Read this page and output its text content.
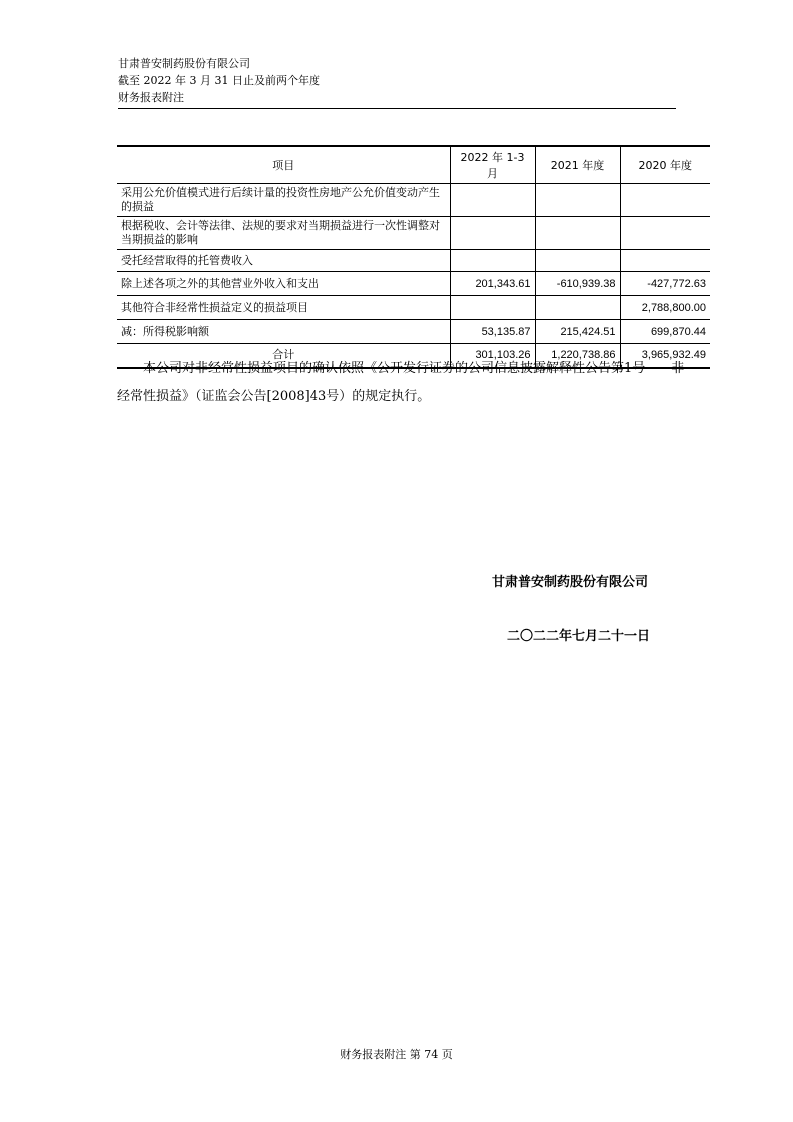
甘肃普安制药股份有限公司
截至 2022 年 3 月 31 日止及前两个年度
财务报表附注
项目	2022 年 1-3 月	2021 年度	2020 年度
采用公允价值模式进行后续计量的投资性房地产公允价值变动产生的损益			
根据税收、会计等法律、法规的要求对当期损益进行一次性调整对当期损益的影响			
受托经营取得的托管费收入			
除上述各项之外的其他营业外收入和支出	201,343.61	-610,939.38	-427,772.63
其他符合非经常性损益定义的损益项目			2,788,800.00
减：所得税影响额	53,135.87	215,424.51	699,870.44
合计	301,103.26	1,220,738.86	3,965,932.49

本公司对非经常性损益项目的确认依照《公开发行证券的公司信息披露解释性公告第1号——非经常性损益》（证监会公告[2008]43号）的规定执行。

甘肃普安制药股份有限公司
二〇二二年七月二十一日
财务报表附注 第 74 页
